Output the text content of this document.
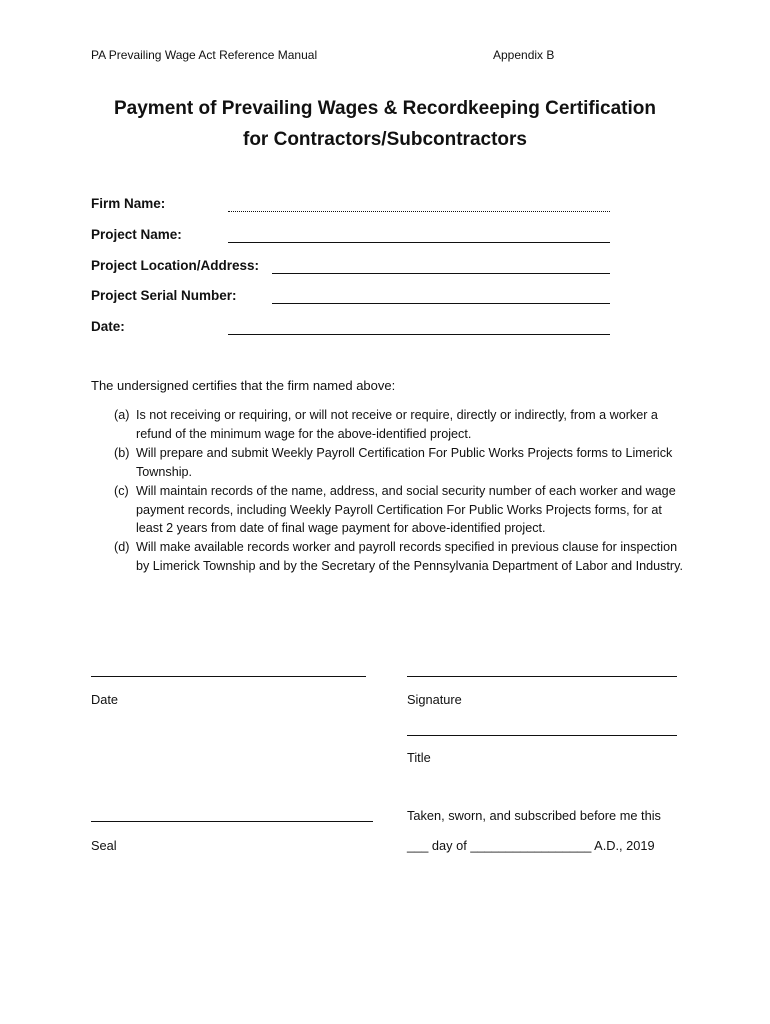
PA Prevailing Wage Act Reference Manual	Appendix B
Payment of Prevailing Wages & Recordkeeping Certification
for Contractors/Subcontractors
Firm Name:
Project Name:
Project Location/Address:
Project Serial Number:
Date:
The undersigned certifies that the firm named above:
(a) Is not receiving or requiring, or will not receive or require, directly or indirectly, from a worker a refund of the minimum wage for the above-identified project.
(b) Will prepare and submit Weekly Payroll Certification For Public Works Projects forms to Limerick Township.
(c) Will maintain records of the name, address, and social security number of each worker and wage payment records, including Weekly Payroll Certification For Public Works Projects forms, for at least 2 years from date of final wage payment for above-identified project.
(d) Will make available records worker and payroll records specified in previous clause for inspection by Limerick Township and by the Secretary of the Pennsylvania Department of Labor and Industry.
Date	Signature
Title
Taken, sworn, and subscribed before me this
Seal	___ day of _________________ A.D., 2019
